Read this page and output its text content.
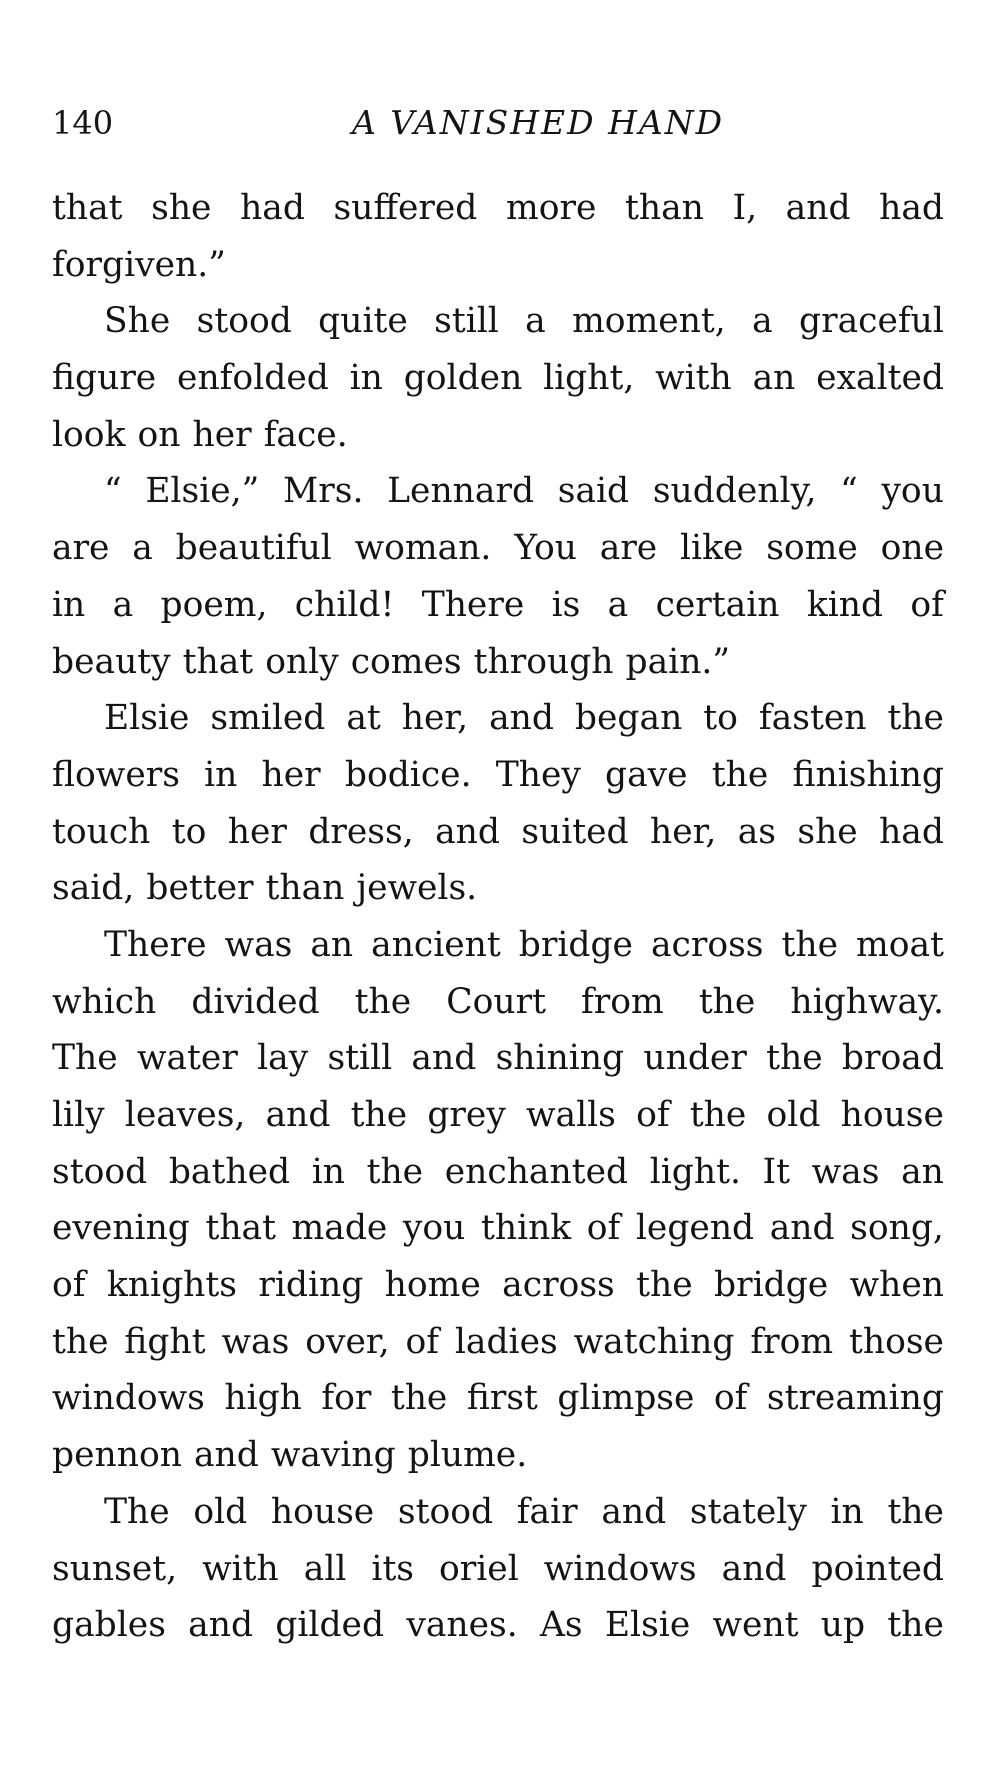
140	A VANISHED HAND
that she had suffered more than I, and had
forgiven.”
She stood quite still a moment, a graceful
figure enfolded in golden light, with an exalted
look on her face.
“ Elsie,” Mrs. Lennard said suddenly, “ you
are a beautiful woman. You are like some one
in a poem, child! There is a certain kind of
beauty that only comes through pain.”
Elsie smiled at her, and began to fasten the
flowers in her bodice. They gave the finishing
touch to her dress, and suited her, as she had
said, better than jewels.
There was an ancient bridge across the moat
which divided the Court from the highway.
The water lay still and shining under the broad
lily leaves, and the grey walls of the old house
stood bathed in the enchanted light. It was an
evening that made you think of legend and song,
of knights riding home across the bridge when
the fight was over, of ladies watching from those
windows high for the first glimpse of streaming
pennon and waving plume.
The old house stood fair and stately in the
sunset, with all its oriel windows and pointed
gables and gilded vanes. As Elsie went up the
